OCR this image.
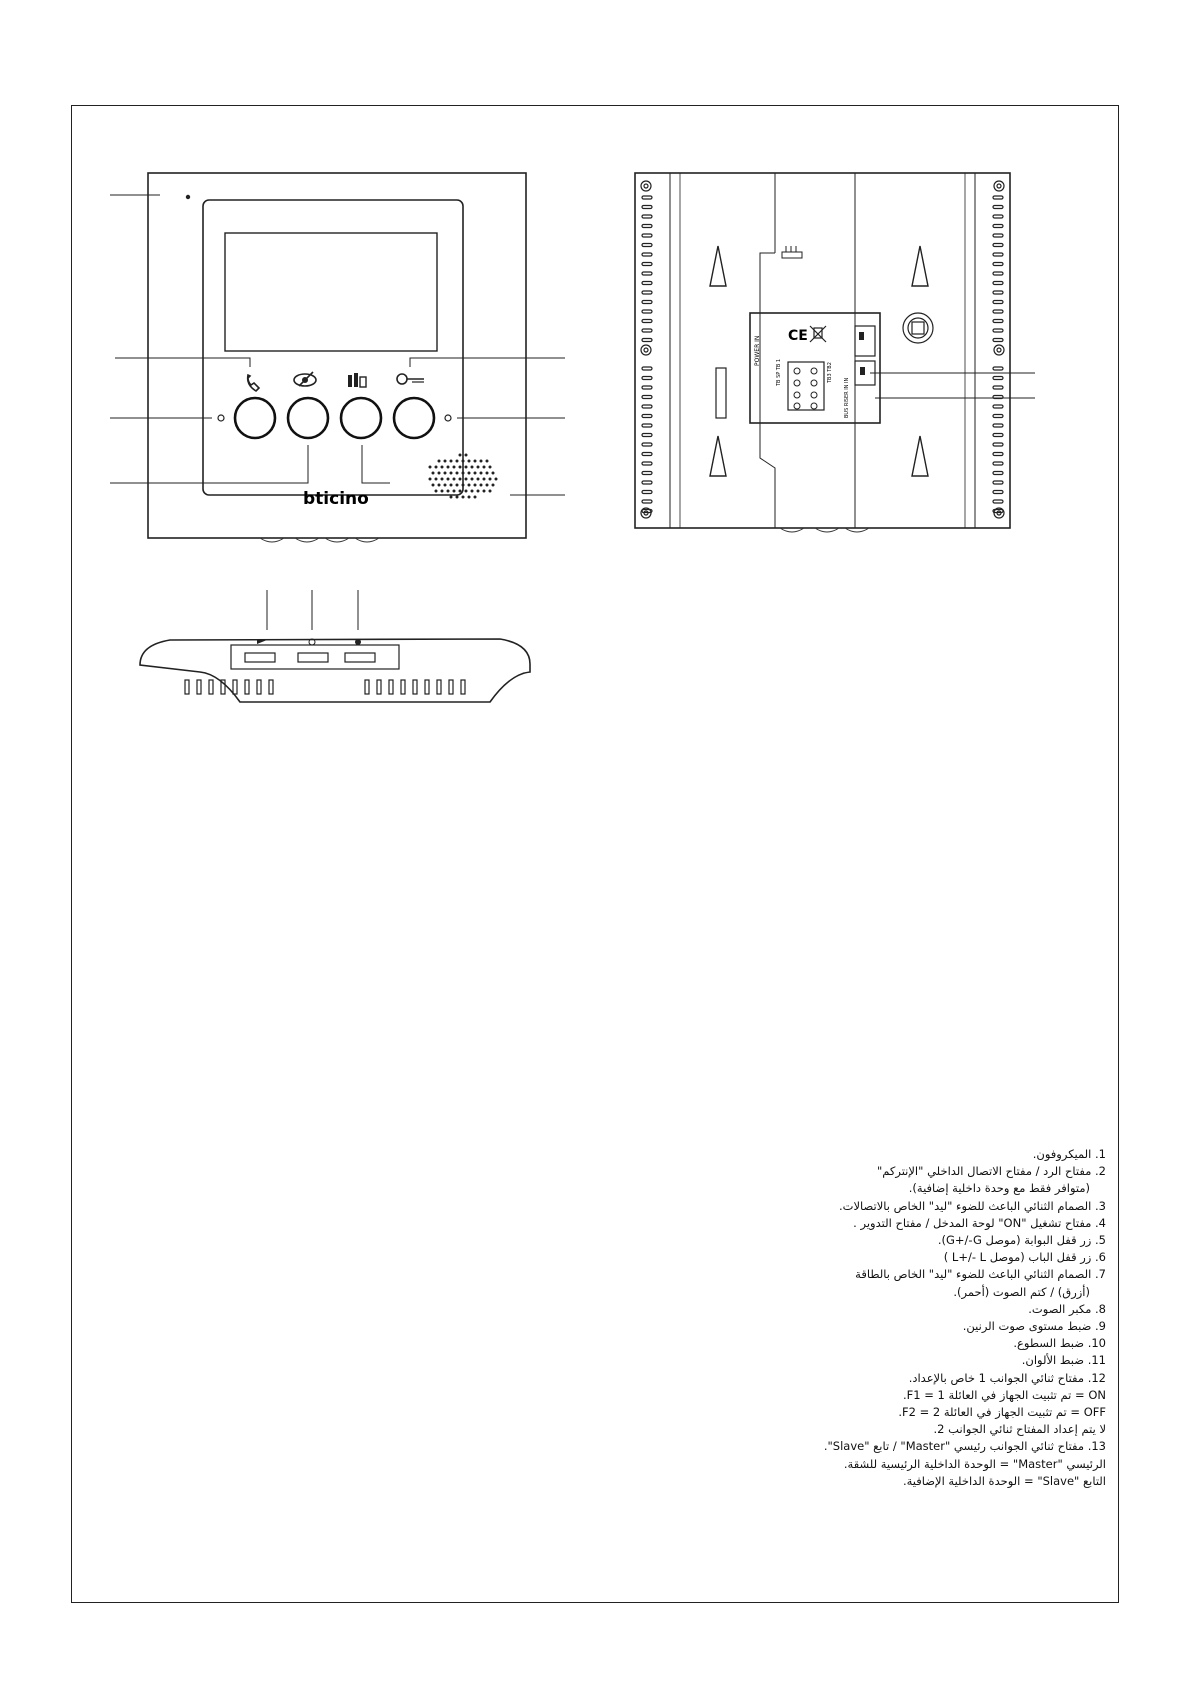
bticino
POWER IN CE
TB3 TB2
TB SP TB 1
BUS RISER IN IN
1. الميكروفون.
2. مفتاح الرد / مفتاح الاتصال الداخلي "الإنتركم"
(متوافر فقط مع وحدة داخلية إضافية).
3. الصمام الثنائي الباعث للضوء "ليد" الخاص بالاتصالات.
4. مفتاح تشغيل "ON" لوحة المدخل / مفتاح التدوير .
5. زر قفل البوابة (موصل G+/-G).
6. زر قفل الباب (موصل L+/- L )
7. الصمام الثنائي الباعث للضوء "ليد" الخاص بالطاقة
(أزرق) / كتم الصوت (أحمر).
8. مكبر الصوت.
9. ضبط مستوى صوت الرنين.
10. ضبط السطوع.
11. ضبط الألوان.
12. مفتاح ثنائي الجوانب 1 خاص بالإعداد.
ON = تم تثبيت الجهاز في العائلة 1 = F1.
OFF = تم تثبيت الجهاز في العائلة 2 = F2.
لا يتم إعداد المفتاح ثنائي الجوانب 2.
13. مفتاح ثنائي الجوانب رئيسي "Master" / تابع "Slave".
الرئيسي "Master" = الوحدة الداخلية الرئيسية للشقة.
التابع "Slave" = الوحدة الداخلية الإضافية.
